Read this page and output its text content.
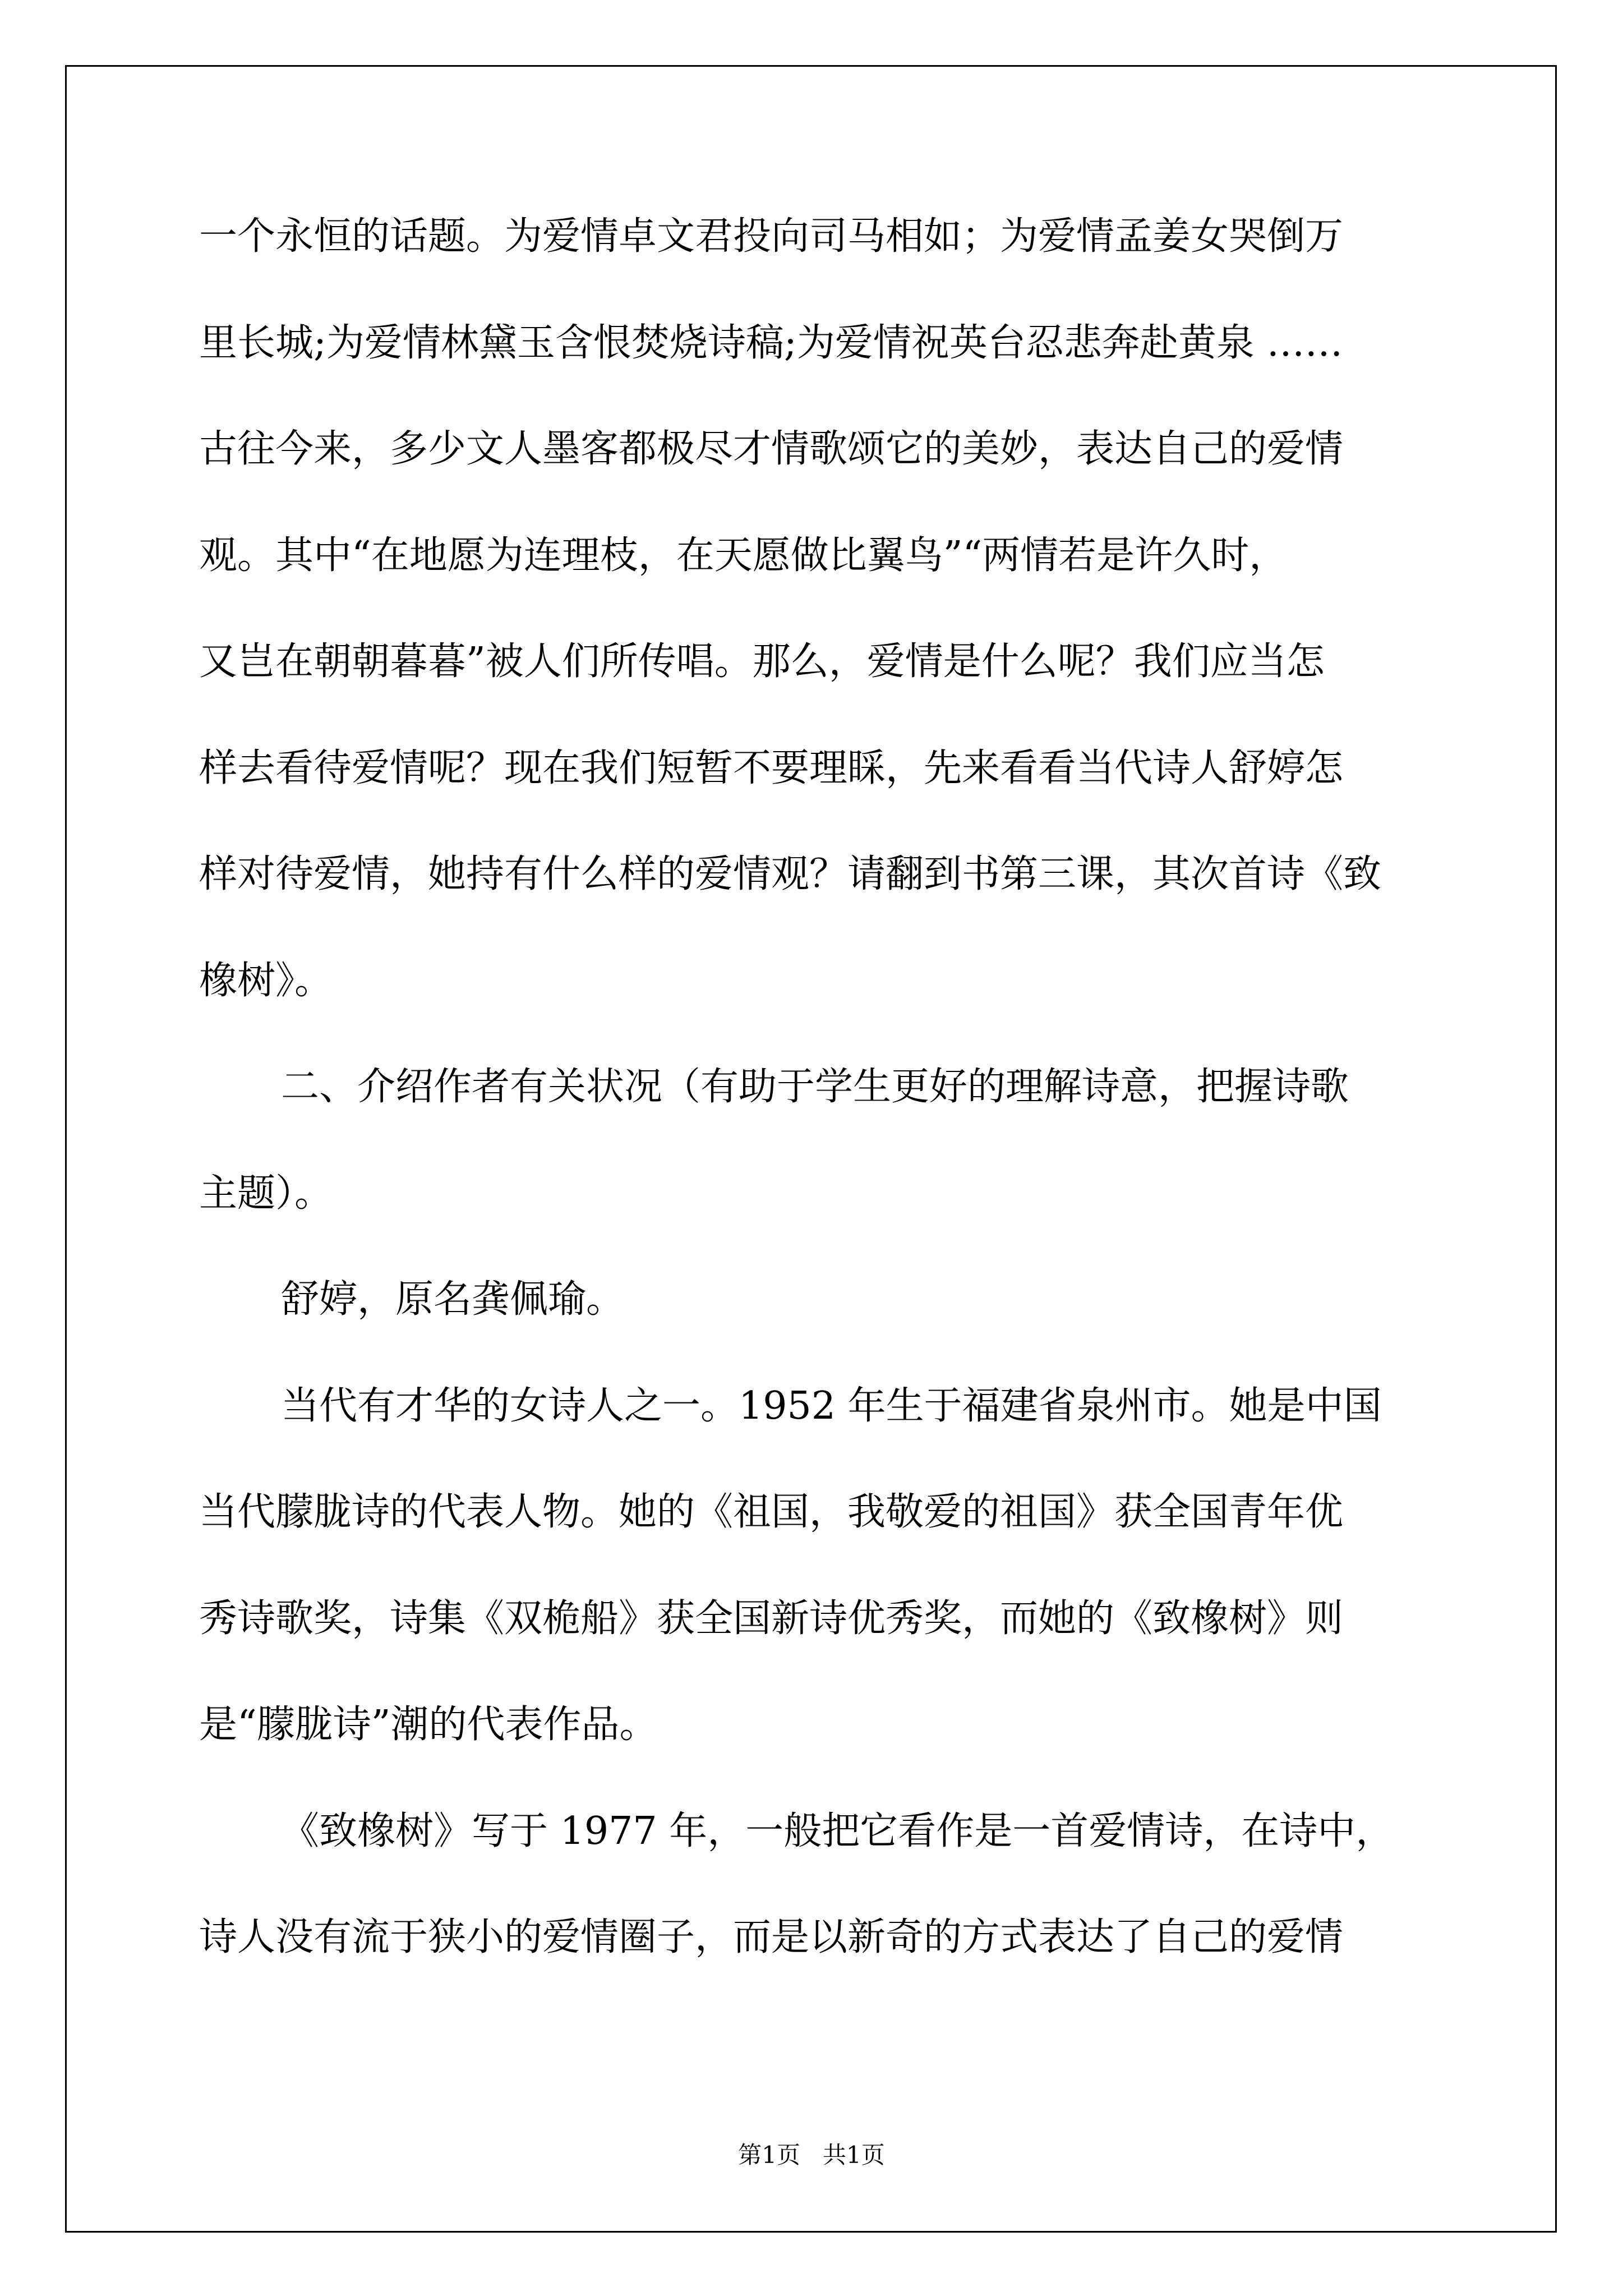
一个永恒的话题。为爱情卓文君投向司马相如；为爱情孟姜女哭倒万
里长城;为爱情林黛玉含恨焚烧诗稿;为爱情祝英台忍悲奔赴黄泉 ……
古往今来，多少文人墨客都极尽才情歌颂它的美妙，表达自己的爱情
观。其中“在地愿为连理枝，在天愿做比翼鸟”“两情若是许久时，
又岂在朝朝暮暮”被人们所传唱。那么，爱情是什么呢？我们应当怎
样去看待爱情呢？现在我们短暂不要理睬，先来看看当代诗人舒婷怎
样对待爱情，她持有什么样的爱情观？请翻到书第三课，其次首诗《致
橡树》。
二、介绍作者有关状况（有助于学生更好的理解诗意，把握诗歌
主题）。
舒婷，原名龚佩瑜。
当代有才华的女诗人之一。1952 年生于福建省泉州市。她是中国
当代朦胧诗的代表人物。她的《祖国，我敬爱的祖国》获全国青年优
秀诗歌奖，诗集《双桅船》获全国新诗优秀奖，而她的《致橡树》则
是“朦胧诗”潮的代表作品。
《致橡树》写于 1977 年，一般把它看作是一首爱情诗，在诗中，
诗人没有流于狭小的爱情圈子，而是以新奇的方式表达了自己的爱情
第1页   共1页
